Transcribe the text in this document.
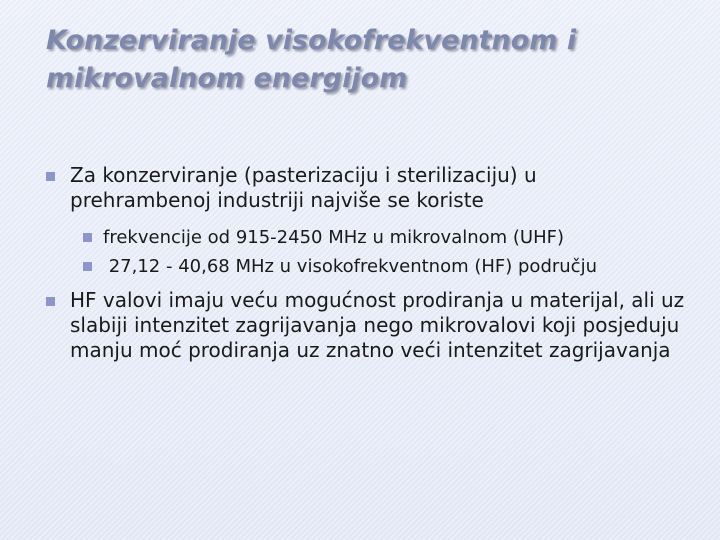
Konzerviranje visokofrekventnom i mikrovalnom energijom

Za konzerviranje (pasterizaciju i sterilizaciju) u prehrambenoj industriji najviše se koriste

frekvencije od 915-2450 MHz u mikrovalnom (UHF)

27,12 - 40,68 MHz u visokofrekventnom (HF) području

HF valovi imaju veću mogućnost prodiranja u materijal, ali uz slabiji intenzitet zagrijavanja nego mikrovalovi koji posjeduju manju moć prodiranja uz znatno veći intenzitet zagrijavanja
